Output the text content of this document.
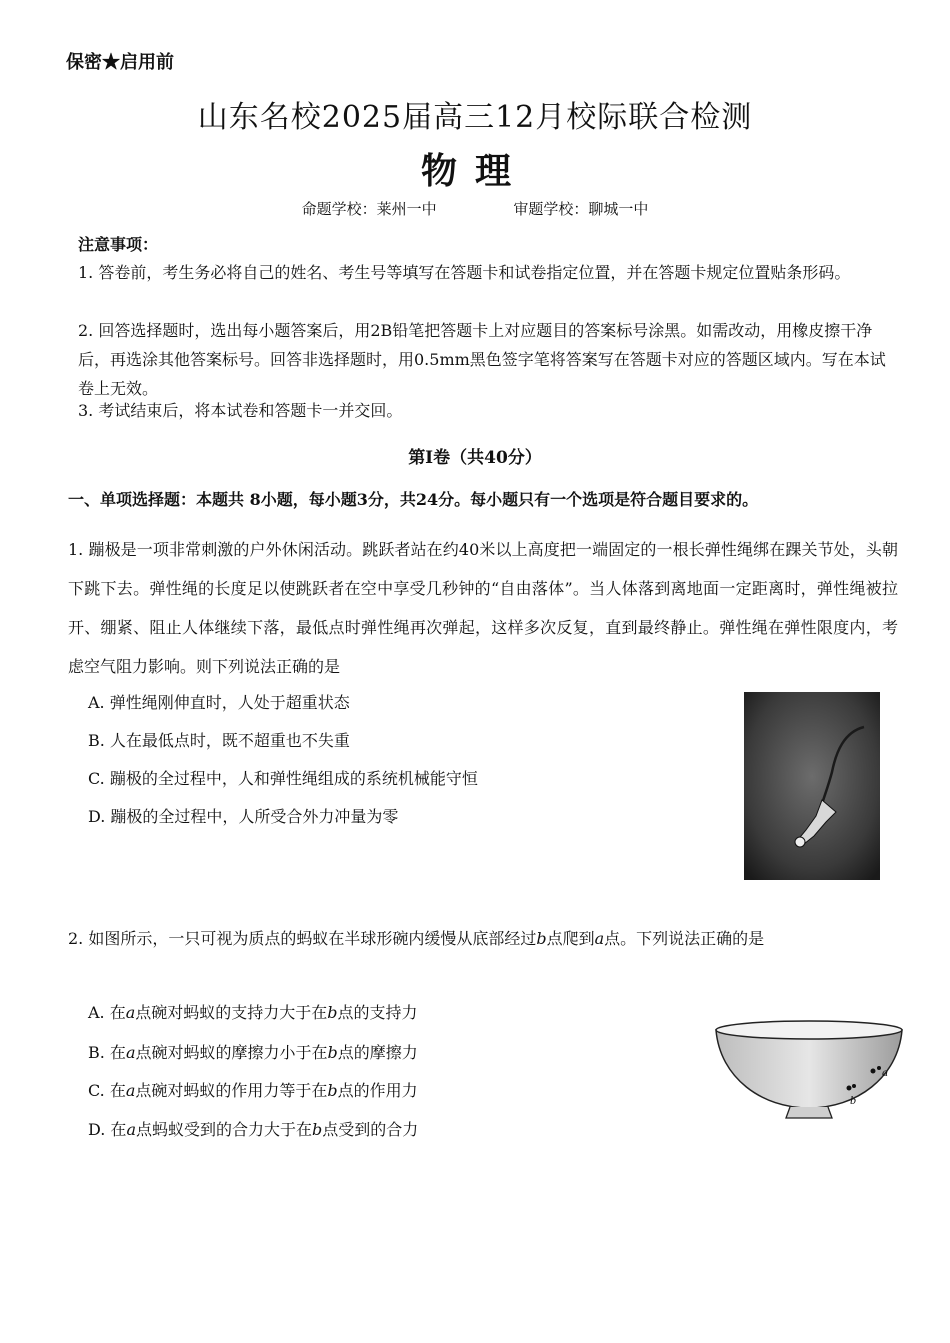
保密★启用前
山东名校2025届高三12月校际联合检测
物理
命题学校：莱州一中	审题学校：聊城一中
注意事项：
1. 答卷前，考生务必将自己的姓名、考生号等填写在答题卡和试卷指定位置，并在答题卡规定位置贴条形码。
2. 回答选择题时，选出每小题答案后，用2B铅笔把答题卡上对应题目的答案标号涂黑。如需改动，用橡皮擦干净后，再选涂其他答案标号。回答非选择题时，用0.5mm黑色签字笔将答案写在答题卡对应的答题区域内。写在本试卷上无效。
3. 考试结束后，将本试卷和答题卡一并交回。
第Ⅰ卷（共40分）
一、单项选择题：本题共 8小题，每小题3分，共24分。每小题只有一个选项是符合题目要求的。
1. 蹦极是一项非常刺激的户外休闲活动。跳跃者站在约40米以上高度把一端固定的一根长弹性绳绑在踝关节处，头朝下跳下去。弹性绳的长度足以使跳跃者在空中享受几秒钟的“自由落体”。当人体落到离地面一定距离时，弹性绳被拉开、绷紧、阻止人体继续下落，最低点时弹性绳再次弹起，这样多次反复，直到最终静止。弹性绳在弹性限度内，考虑空气阻力影响。则下列说法正确的是
A. 弹性绳刚伸直时，人处于超重状态
B. 人在最低点时，既不超重也不失重
C. 蹦极的全过程中，人和弹性绳组成的系统机械能守恒
D. 蹦极的全过程中，人所受合外力冲量为零
2. 如图所示，一只可视为质点的蚂蚁在半球形碗内缓慢从底部经过b点爬到a点。下列说法正确的是
A. 在a点碗对蚂蚁的支持力大于在b点的支持力
B. 在a点碗对蚂蚁的摩擦力小于在b点的摩擦力
C. 在a点碗对蚂蚁的作用力等于在b点的作用力
D. 在a点蚂蚁受到的合力大于在b点受到的合力
a
b
